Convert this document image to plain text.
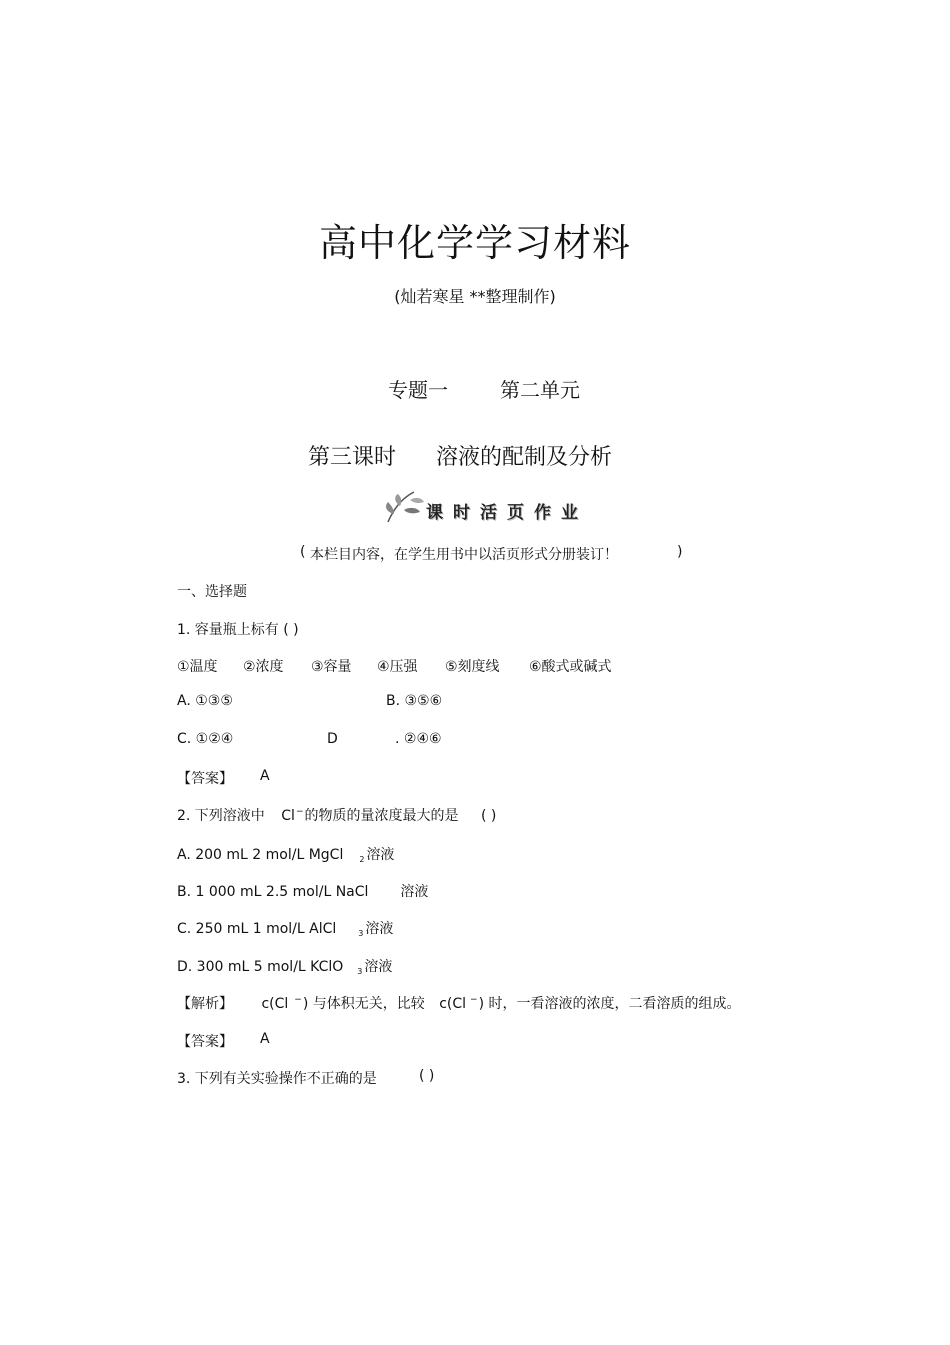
高中化学学习材料
(灿若寒星 **整理制作)
专题一	第二单元
第三课时 溶液的配制及分析
课时活页作业
( 本栏目内容，在学生用书中以活页形式分册装订！	)
一、选择题
1. 容量瓶上标有 ( )
①温度 ②浓度 ③容量 ④压强 ⑤刻度线 ⑥酸式或碱式
A. ①③⑤	B. ③⑤⑥
C. ①②④	D	. ②④⑥
【答案】 A
2. 下列溶液中 Cl−的物质的量浓度最大的是 ( )
A. 200 mL 2 mol/L MgCl $_2$ 溶液
B. 1 000 mL 2.5 mol/L NaCl 溶液
C. 250 mL 1 mol/L AlCl	$_3$ 溶液
D. 300 mL 5 mol/L KClO $_3$ 溶液
【解析】 c(Cl −) 与体积无关，比较 c(Cl −) 时，一看溶液的浓度，二看溶质的组成。
【答案】 A
3. 下列有关实验操作不正确的是	( )
